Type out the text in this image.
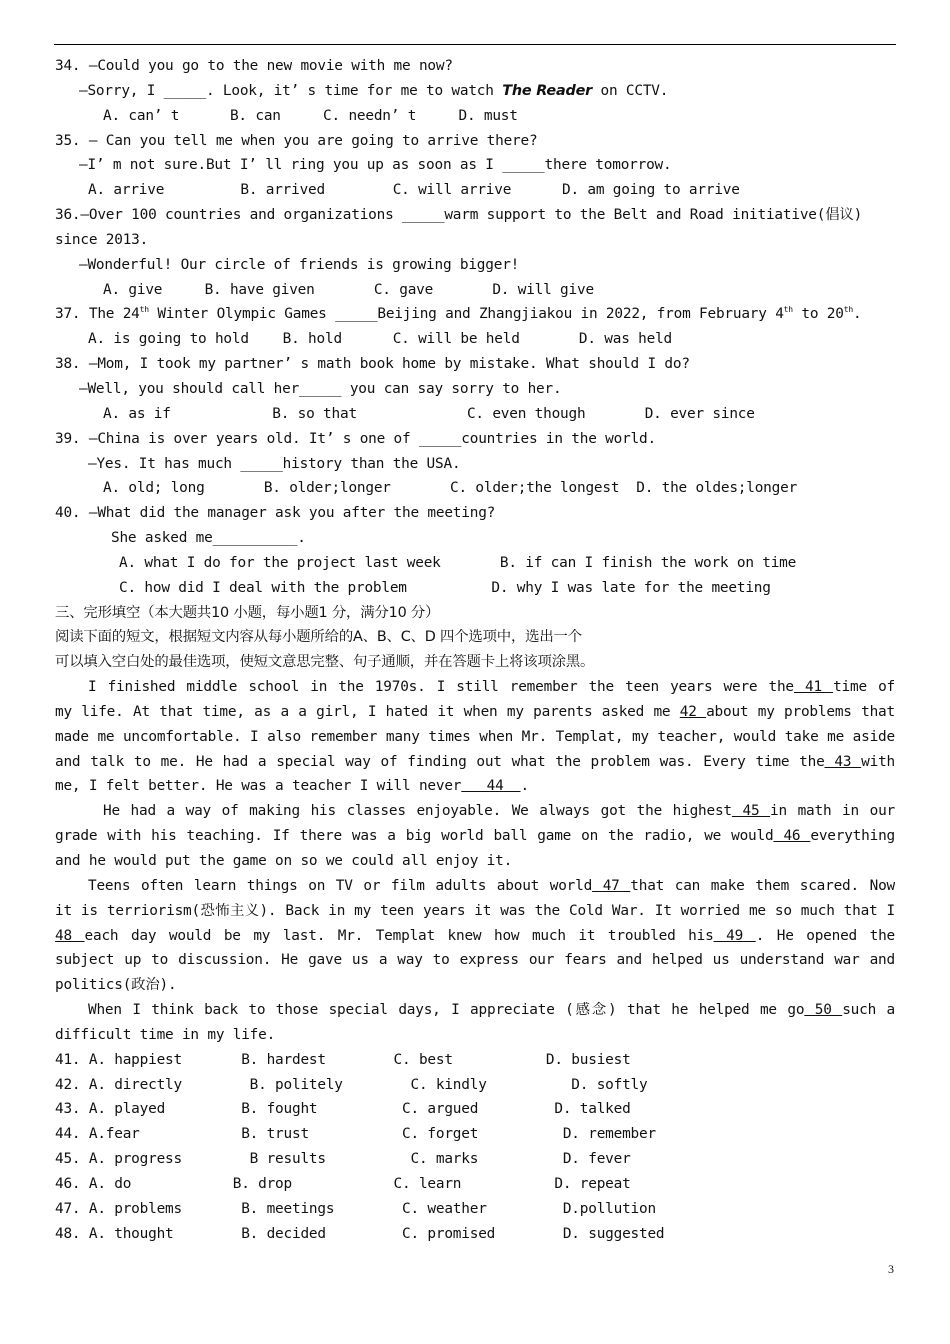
34. —Could you go to the new movie with me now?
—Sorry, I _____. Look, it’ s time for me to watch The Reader on CCTV.
A. can’ t      B. can     C. needn’ t     D. must
35. — Can you tell me when you are going to arrive there?
—I’ m not sure.But I’ ll ring you up as soon as I _____there tomorrow.
A. arrive         B. arrived        C. will arrive      D. am going to arrive
36.—Over 100 countries and organizations _____warm support to the Belt and Road initiative(倡议)
since 2013.
—Wonderful! Our circle of friends is growing bigger!
A. give     B. have given       C. gave       D. will give
37. The 24th Winter Olympic Games _____Beijing and Zhangjiakou in 2022, from February 4th to 20th.
A. is going to hold    B. hold      C. will be held       D. was held
38. —Mom, I took my partner’ s math book home by mistake. What should I do?
—Well, you should call her_____ you can say sorry to her.
A. as if            B. so that             C. even though       D. ever since
39. —China is over years old. It’ s one of _____countries in the world.
—Yes. It has much _____history than the USA.
A. old; long       B. older;longer       C. older;the longest  D. the oldes;longer
40. —What did the manager ask you after the meeting?
She asked me__________.
A. what I do for the project last week       B. if can I finish the work on time
C. how did I deal with the problem          D. why I was late for the meeting
三、完形填空（本大题共10 小题，每小题1 分，满分10 分）
阅读下面的短文，根据短文内容从每小题所给的A、B、C、D 四个选项中，选出一个
可以填入空白处的最佳选项，使短文意思完整、句子通顺，并在答题卡上将该项涂黑。
I finished middle school in the 1970s. I still remember the teen years were the 41 time of
my life. At that time, as a a girl, I hated it when my parents asked me 42 about my problems that
made me uncomfortable. I also remember many times when Mr. Templat, my teacher, would take me aside
and talk to me. He had a special way of finding out what the problem was. Every time the 43 with
me, I felt better. He was a teacher I will never   44  .
He had a way of making his classes enjoyable. We always got the highest 45 in math in our
grade with his teaching. If there was a big world ball game on the radio, we would 46 everything
and he would put the game on so we could all enjoy it.
Teens often learn things on TV or film adults about world 47 that can make them scared. Now
it is terriorism(恐怖主义). Back in my teen years it was the Cold War. It worried me so much that I
48 each day would be my last. Mr. Templat knew how much it troubled his 49 . He opened the
subject up to discussion. He gave us a way to express our fears and helped us understand war and
politics(政治).
When I think back to those special days, I appreciate (感念) that he helped me go 50 such a
difficult time in my life.
41. A. happiest       B. hardest        C. best           D. busiest
42. A. directly        B. politely        C. kindly          D. softly
43. A. played         B. fought          C. argued         D. talked
44. A.fear            B. trust           C. forget          D. remember
45. A. progress        B results          C. marks          D. fever
46. A. do            B. drop            C. learn           D. repeat
47. A. problems       B. meetings        C. weather         D.pollution
48. A. thought        B. decided         C. promised        D. suggested
3
